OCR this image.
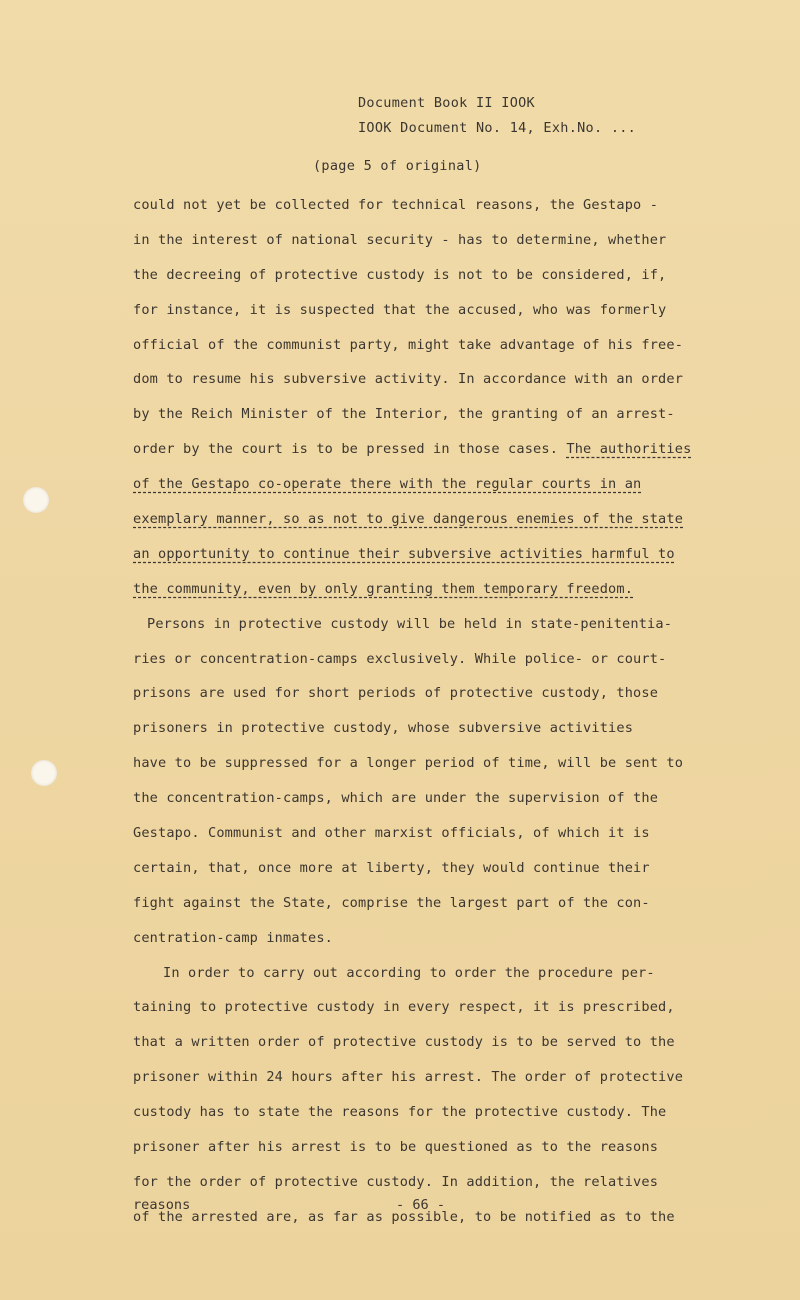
Document Book II IOOK
IOOK Document No. 14, Exh.No. ...
(page 5 of original)
could not yet be collected for technical reasons, the Gestapo -
in the interest of national security - has to determine, whether
the decreeing of protective custody is not to be considered, if,
for instance, it is suspected that the accused, who was formerly
official of the communist party, might take advantage of his free-
dom to resume his subversive activity. In accordance with an order
by the Reich Minister of the Interior, the granting of an arrest-
order by the court is to be pressed in those cases. The authorities
of the Gestapo co-operate there with the regular courts in an
exemplary manner, so as not to give dangerous enemies of the state
an opportunity to continue their subversive activities harmful to
the community, even by only granting them temporary freedom.
Persons in protective custody will be held in state-penitentia-
ries or concentration-camps exclusively. While police- or court-
prisons are used for short periods of protective custody, those
prisoners in protective custody, whose subversive activities
have to be suppressed for a longer period of time, will be sent to
the concentration-camps, which are under the supervision of the
Gestapo. Communist and other marxist officials, of which it is
certain, that, once more at liberty, they would continue their
fight against the State, comprise the largest part of the con-
centration-camp inmates.
In order to carry out according to order the procedure per-
taining to protective custody in every respect, it is prescribed,
that a written order of protective custody is to be served to the
prisoner within 24 hours after his arrest. The order of protective
custody has to state the reasons for the protective custody. The
prisoner after his arrest is to be questioned as to the reasons
for the order of protective custody. In addition, the relatives
of the arrested are, as far as possible, to be notified as to the
reasons	- 66 -
